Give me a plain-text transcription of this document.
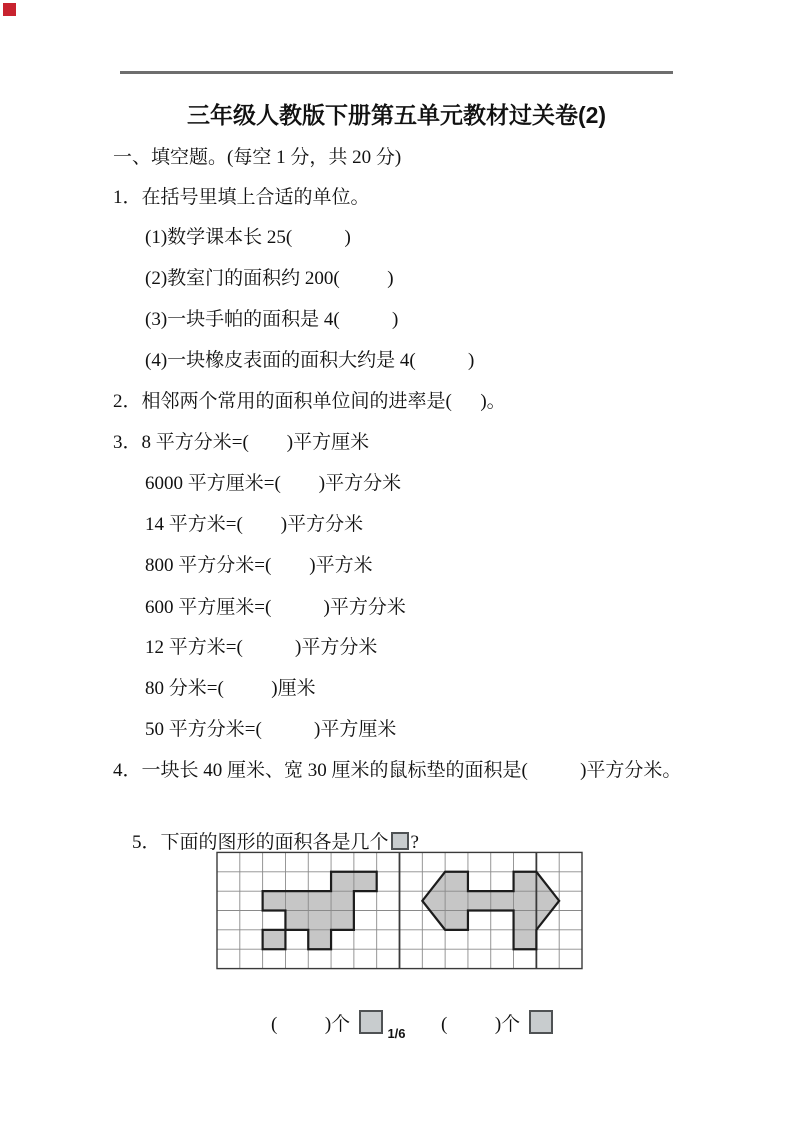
三年级人教版下册第五单元教材过关卷(2)
一、填空题。(每空 1 分，共 20 分)
1．在括号里填上合适的单位。
(1)数学课本长 25(           )
(2)教室门的面积约 200(          )
(3)一块手帕的面积是 4(           )
(4)一块橡皮表面的面积大约是 4(           )
2．相邻两个常用的面积单位间的进率是(      )。
3．8 平方分米=(        )平方厘米
6000 平方厘米=(        )平方分米
14 平方米=(        )平方分米
800 平方分米=(        )平方米
600 平方厘米=(           )平方分米
12 平方米=(           )平方分米
80 分米=(          )厘米
50 平方分米=(           )平方厘米
4．一块长 40 厘米、宽 30 厘米的鼠标垫的面积是(           )平方分米。

5．下面的图形的面积各是几个 ?

(          )个
	(          )个

1/6
